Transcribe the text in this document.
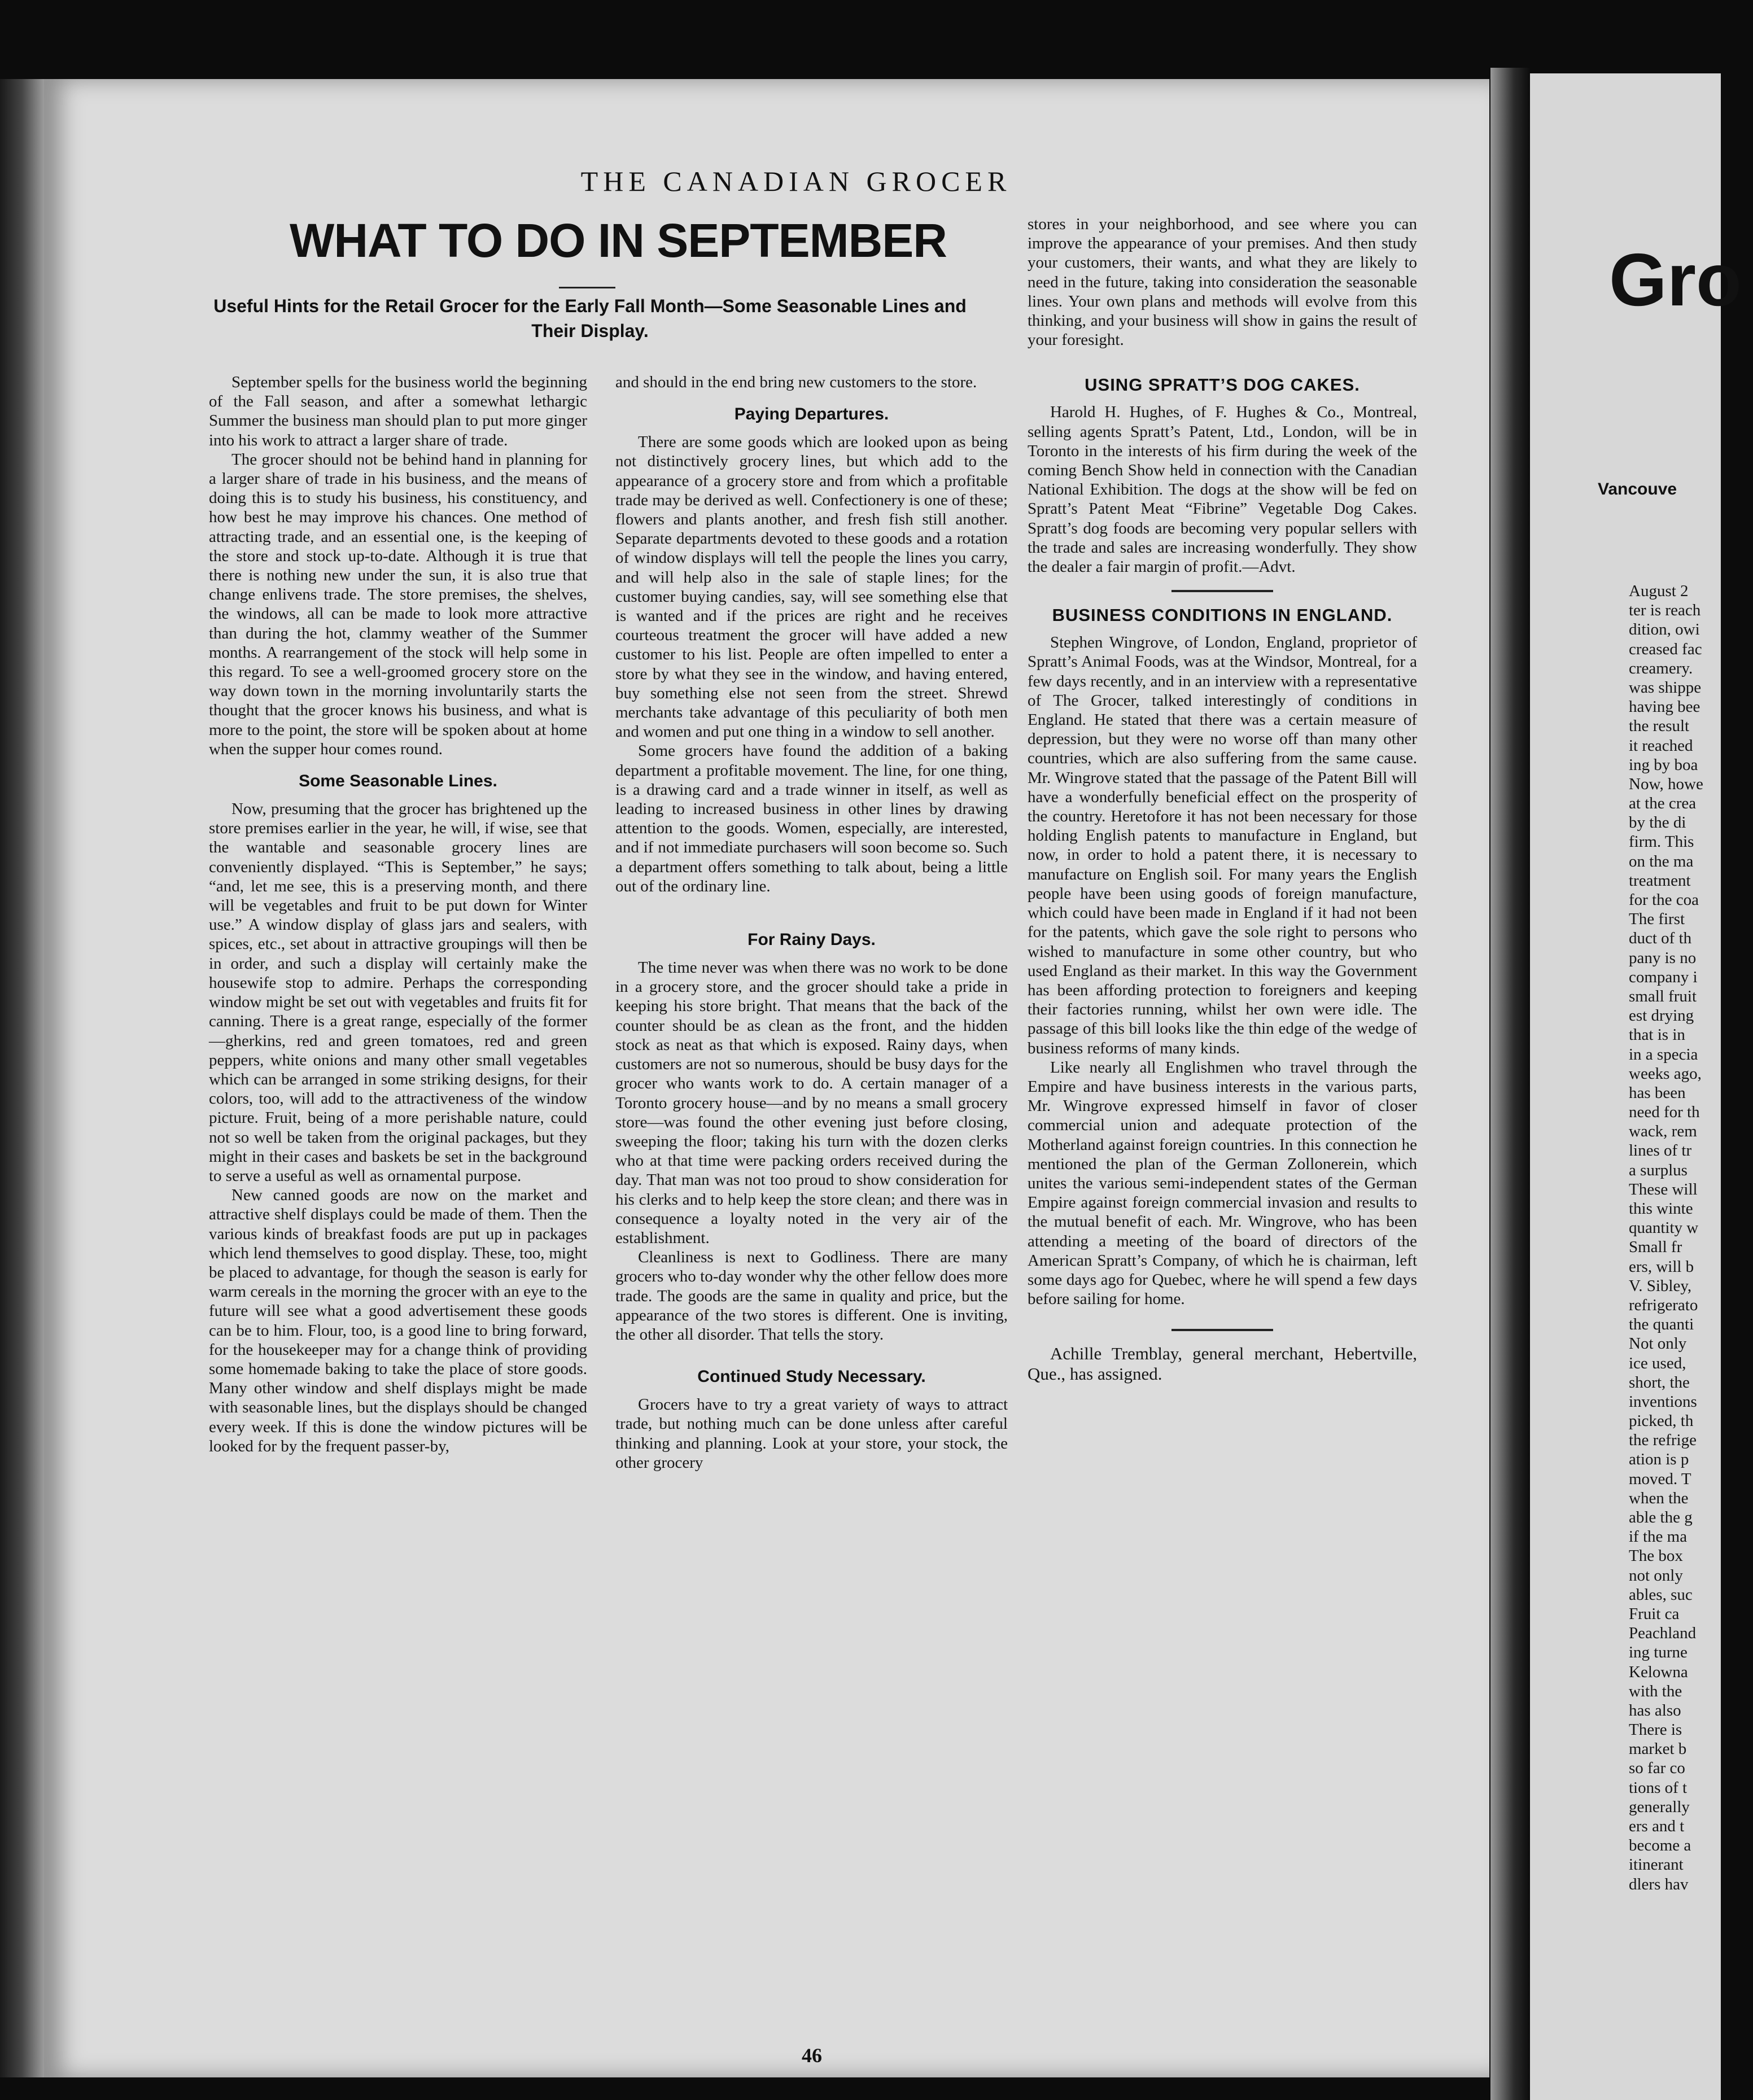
THE CANADIAN GROCER
WHAT TO DO IN SEPTEMBER
Useful Hints for the Retail Grocer for the Early Fall Month—Some Seasonable Lines and Their Display.

September spells for the business world the beginning of the Fall season, and after a somewhat lethargic Summer the business man should plan to put more ginger into his work to attract a larger share of trade.

The grocer should not be behind hand in planning for a larger share of trade in his business, and the means of doing this is to study his business, his constituency, and how best he may improve his chances. One method of attracting trade, and an essential one, is the keeping of the store and stock up-to-date. Although it is true that there is nothing new under the sun, it is also true that change enlivens trade. The store premises, the shelves, the windows, all can be made to look more attractive than during the hot, clammy weather of the Summer months. A rearrangement of the stock will help some in this regard. To see a well-groomed grocery store on the way down town in the morning involuntarily starts the thought that the grocer knows his business, and what is more to the point, the store will be spoken about at home when the supper hour comes round.

Some Seasonable Lines.

Now, presuming that the grocer has brightened up the store premises earlier in the year, he will, if wise, see that the wantable and seasonable grocery lines are conveniently displayed. “This is September,” he says; “and, let me see, this is a preserving month, and there will be vegetables and fruit to be put down for Winter use.” A window display of glass jars and sealers, with spices, etc., set about in attractive groupings will then be in order, and such a display will certainly make the housewife stop to admire. Perhaps the corresponding window might be set out with vegetables and fruits fit for canning. There is a great range, especially of the former—gherkins, red and green tomatoes, red and green peppers, white onions and many other small vegetables which can be arranged in some striking designs, for their colors, too, will add to the attractiveness of the window picture. Fruit, being of a more perishable nature, could not so well be taken from the original packages, but they might in their cases and baskets be set in the background to serve a useful as well as ornamental purpose.

New canned goods are now on the market and attractive shelf displays could be made of them. Then the various kinds of breakfast foods are put up in packages which lend themselves to good display. These, too, might be placed to advantage, for though the season is early for warm cereals in the morning the grocer with an eye to the future will see what a good advertisement these goods can be to him. Flour, too, is a good line to bring forward, for the housekeeper may for a change think of providing some homemade baking to take the place of store goods. Many other window and shelf displays might be made with seasonable lines, but the displays should be changed every week. If this is done the window pictures will be looked for by the frequent passer-by,

and should in the end bring new customers to the store.

Paying Departures.

There are some goods which are looked upon as being not distinctively grocery lines, but which add to the appearance of a grocery store and from which a profitable trade may be derived as well. Confectionery is one of these; flowers and plants another, and fresh fish still another. Separate departments devoted to these goods and a rotation of window displays will tell the people the lines you carry, and will help also in the sale of staple lines; for the customer buying candies, say, will see something else that is wanted and if the prices are right and he receives courteous treatment the grocer will have added a new customer to his list. People are often impelled to enter a store by what they see in the window, and having entered, buy something else not seen from the street. Shrewd merchants take advantage of this peculiarity of both men and women and put one thing in a window to sell another.

Some grocers have found the addition of a baking department a profitable movement. The line, for one thing, is a drawing card and a trade winner in itself, as well as leading to increased business in other lines by drawing attention to the goods. Women, especially, are interested, and if not immediate purchasers will soon become so. Such a department offers something to talk about, being a little out of the ordinary line.

For Rainy Days.

The time never was when there was no work to be done in a grocery store, and the grocer should take a pride in keeping his store bright. That means that the back of the counter should be as clean as the front, and the hidden stock as neat as that which is exposed. Rainy days, when customers are not so numerous, should be busy days for the grocer who wants work to do. A certain manager of a Toronto grocery house—and by no means a small grocery store—was found the other evening just before closing, sweeping the floor; taking his turn with the dozen clerks who at that time were packing orders received during the day. That man was not too proud to show consideration for his clerks and to help keep the store clean; and there was in consequence a loyalty noted in the very air of the establishment.

Cleanliness is next to Godliness. There are many grocers who to-day wonder why the other fellow does more trade. The goods are the same in quality and price, but the appearance of the two stores is different. One is inviting, the other all disorder. That tells the story.

Continued Study Necessary.

Grocers have to try a great variety of ways to attract trade, but nothing much can be done unless after careful thinking and planning. Look at your store, your stock, the other grocery

stores in your neighborhood, and see where you can improve the appearance of your premises. And then study your customers, their wants, and what they are likely to need in the future, taking into consideration the seasonable lines. Your own plans and methods will evolve from this thinking, and your business will show in gains the result of your foresight.

USING SPRATT’S DOG CAKES.

Harold H. Hughes, of F. Hughes & Co., Montreal, selling agents Spratt’s Patent, Ltd., London, will be in Toronto in the interests of his firm during the week of the coming Bench Show held in connection with the Canadian National Exhibition. The dogs at the show will be fed on Spratt’s Patent Meat “Fibrine” Vegetable Dog Cakes. Spratt’s dog foods are becoming very popular sellers with the trade and sales are increasing wonderfully. They show the dealer a fair margin of profit.—Advt.

BUSINESS CONDITIONS IN ENGLAND.

Stephen Wingrove, of London, England, proprietor of Spratt’s Animal Foods, was at the Windsor, Montreal, for a few days recently, and in an interview with a representative of The Grocer, talked interestingly of conditions in England. He stated that there was a certain measure of depression, but they were no worse off than many other countries, which are also suffering from the same cause. Mr. Wingrove stated that the passage of the Patent Bill will have a wonderfully beneficial effect on the prosperity of the country. Heretofore it has not been necessary for those holding English patents to manufacture in England, but now, in order to hold a patent there, it is necessary to manufacture on English soil. For many years the English people have been using goods of foreign manufacture, which could have been made in England if it had not been for the patents, which gave the sole right to persons who wished to manufacture in some other country, but who used England as their market. In this way the Government has been affording protection to foreigners and keeping their factories running, whilst her own were idle. The passage of this bill looks like the thin edge of the wedge of business reforms of many kinds.

Like nearly all Englishmen who travel through the Empire and have business interests in the various parts, Mr. Wingrove expressed himself in favor of closer commercial union and adequate protection of the Motherland against foreign countries. In this connection he mentioned the plan of the German Zollonerein, which unites the various semi-independent states of the German Empire against foreign commercial invasion and results to the mutual benefit of each. Mr. Wingrove, who has been attending a meeting of the board of directors of the American Spratt’s Company, of which he is chairman, left some days ago for Quebec, where he will spend a few days before sailing for home.

Achille Tremblay, general merchant, Hebertville, Que., has assigned.

46
Gro
Vancouve
August 2
ter is reach
dition, owi
creased fac
creamery.
was shippe
having bee
the result
it reached
ing by boa
Now, howe
at the crea
by the di
firm. This
on the ma
treatment
for the coa
The first
duct of th
pany is no
company i
small fruit
est drying
that is in
in a specia
weeks ago,
has been
need for th
wack, rem
lines of tr
a surplus
These will
this winte
quantity w
Small fr
ers, will b
V. Sibley,
refrigerato
the quanti
Not only
ice used,
short, the
inventions
picked, th
the refrige
ation is p
moved. T
when the
able the g
if the ma
The box
not only
ables, suc
Fruit ca
Peachland
ing turne
Kelowna
with the
has also
There is
market b
so far co
tions of t
generally
ers and t
become a
itinerant
dlers hav
